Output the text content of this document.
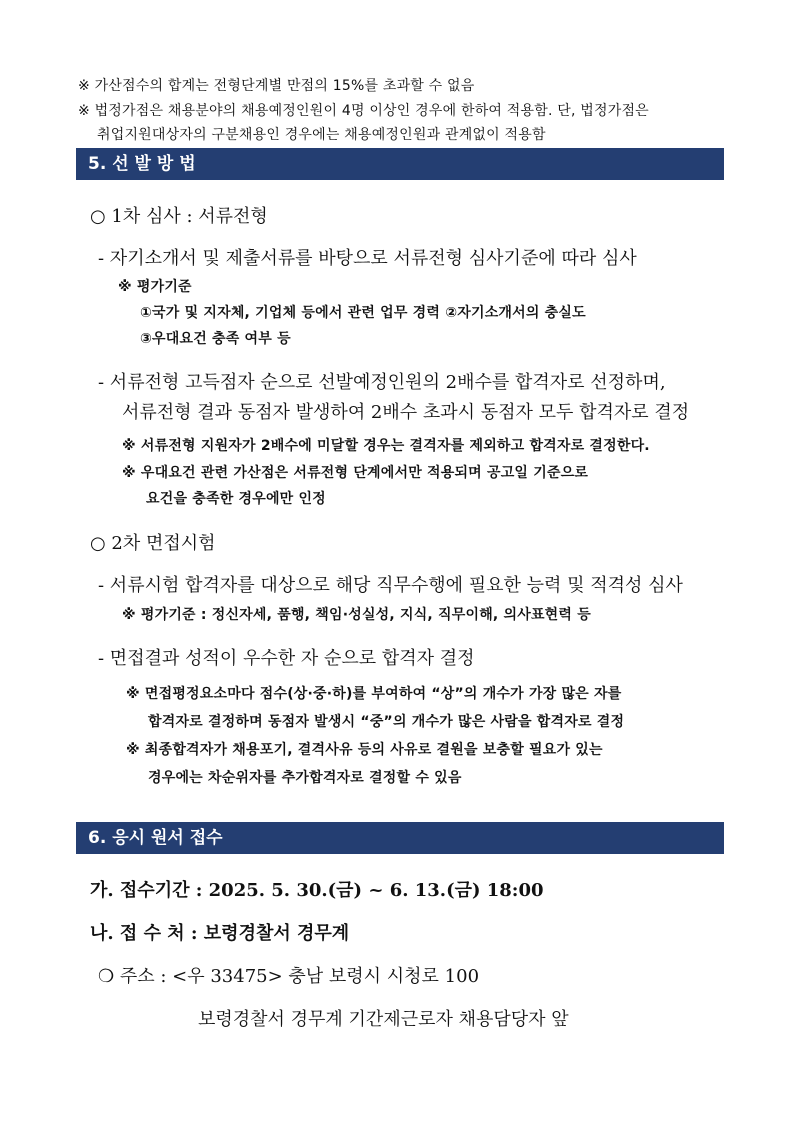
※ 가산점수의 합계는 전형단계별 만점의 15%를 초과할 수 없음
※ 법정가점은 채용분야의 채용예정인원이 4명 이상인 경우에 한하여 적용함. 단, 법정가점은
취업지원대상자의 구분채용인 경우에는 채용예정인원과 관계없이 적용함
5. 선 발 방 법
○ 1차 심사 : 서류전형
- 자기소개서 및 제출서류를 바탕으로 서류전형 심사기준에 따라 심사
※ 평가기준
①국가 및 지자체, 기업체 등에서 관련 업무 경력 ②자기소개서의 충실도
③우대요건 충족 여부 등
- 서류전형 고득점자 순으로 선발예정인원의 2배수를 합격자로 선정하며,
서류전형 결과 동점자 발생하여 2배수 초과시 동점자 모두 합격자로 결정
※ 서류전형 지원자가 2배수에 미달할 경우는 결격자를 제외하고 합격자로 결정한다.
※ 우대요건 관련 가산점은 서류전형 단계에서만 적용되며 공고일 기준으로
요건을 충족한 경우에만 인정
○ 2차 면접시험
- 서류시험 합격자를 대상으로 해당 직무수행에 필요한 능력 및 적격성 심사
※ 평가기준 : 정신자세, 품행, 책임·성실성, 지식, 직무이해, 의사표현력 등
- 면접결과 성적이 우수한 자 순으로 합격자 결정
※ 면접평정요소마다 점수(상·중·하)를 부여하여 “상”의 개수가 가장 많은 자를
합격자로 결정하며 동점자 발생시 “중”의 개수가 많은 사람을 합격자로 결정
※ 최종합격자가 채용포기, 결격사유 등의 사유로 결원을 보충할 필요가 있는
경우에는 차순위자를 추가합격자로 결정할 수 있음
6. 응시 원서 접수
가. 접수기간 : 2025. 5. 30.(금) ~ 6. 13.(금) 18:00
나. 접 수 처 : 보령경찰서 경무계
❍ 주소 : <우 33475> 충남 보령시 시청로 100
보령경찰서 경무계 기간제근로자 채용담당자 앞
